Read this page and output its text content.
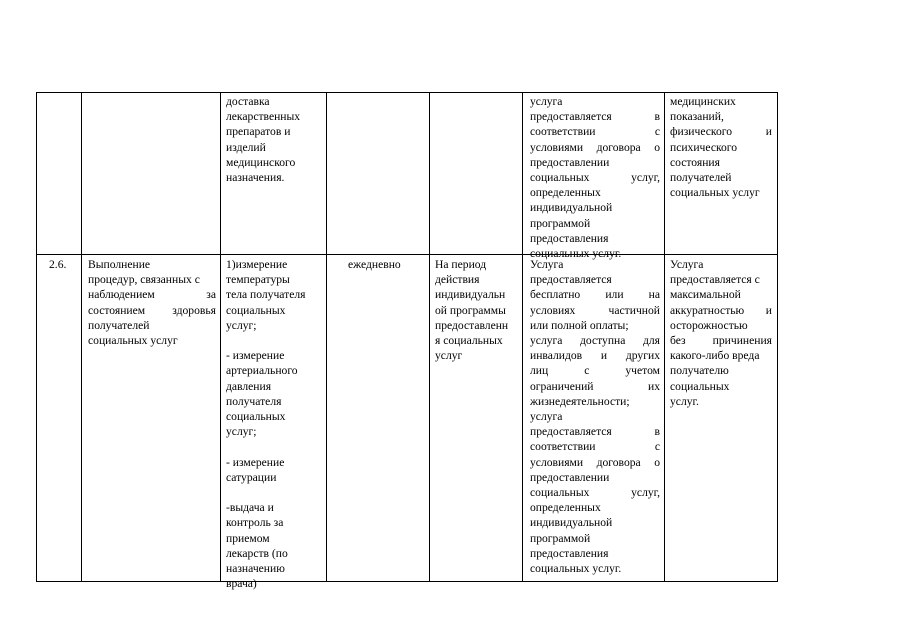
доставка
лекарственных
препаратов и
изделий
медицинского
назначения.
услуга
предоставляется в
соответствии с
условиями договора о
предоставлении
социальных услуг,
определенных
индивидуальной
программой
предоставления
социальных услуг.
медицинских
показаний,
физического и
психического
состояния
получателей
социальных услуг
2.6. Выполнение
процедур, связанных с
наблюдением за
состоянием здоровья
получателей
социальных услуг
1)измерение
температуры
тела получателя
социальных
услуг;
- измерение
артериального
давления
получателя
социальных
услуг;
- измерение
сатурации
-выдача и
контроль за
приемом
лекарств (по
назначению
врача)
ежедневно	На период
действия
индивидуальн
ой программы
предоставленн
я социальных
услуг
Услуга
предоставляется
бесплатно или на
условиях частичной
или полной оплаты;
услуга доступна для
инвалидов и других
лиц с учетом
ограничений их
жизнедеятельности;
услуга
предоставляется в
соответствии с
условиями договора о
предоставлении
социальных услуг,
определенных
индивидуальной
программой
предоставления
социальных услуг.
Услуга
предоставляется с
максимальной
аккуратностью и
осторожностью
без причинения
какого-либо вреда
получателю
социальных
услуг.
